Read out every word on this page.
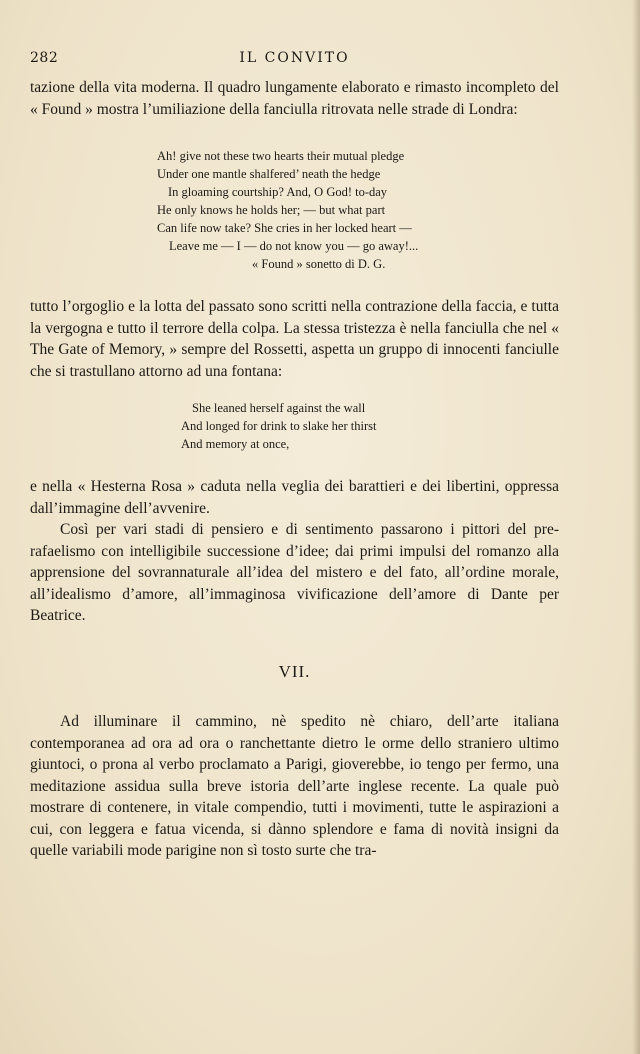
282	IL CONVITO

tazione della vita moderna. Il quadro lungamente elaborato e rimasto incompleto del « Found » mostra l’umiliazione della fanciulla ritrovata nelle strade di Londra:

Ah! give not these two hearts their mutual pledge
Under one mantle shalfered’ neath the hedge
In gloaming courtship? And, O God! to-day
He only knows he holds her; — but what part
Can life now take? She cries in her locked heart —
Leave me — I — do not know you — go away!...
« Found » sonetto di D. G.

tutto l’orgoglio e la lotta del passato sono scritti nella contrazione della faccia, e tutta la vergogna e tutto il terrore della colpa. La stessa tristezza è nella fanciulla che nel « The Gate of Memory, » sempre del Rossetti, aspetta un gruppo di innocenti fanciulle che si trastullano attorno ad una fontana:

She leaned herself against the wall
And longed for drink to slake her thirst
And memory at once,

e nella « Hesterna Rosa » caduta nella veglia dei barattieri e dei libertini, oppressa dall’immagine dell’avvenire.

Così per vari stadi di pensiero e di sentimento passarono i pittori del pre-rafaelismo con intelligibile successione d’idee; dai primi impulsi del romanzo alla apprensione del sovrannaturale all’idea del mistero e del fato, all’ordine morale, all’idealismo d’amore, all’immaginosa vivificazione dell’amore di Dante per Beatrice.

VII.

Ad illuminare il cammino, nè spedito nè chiaro, dell’arte italiana contemporanea ad ora ad ora o ranchettante dietro le orme dello straniero ultimo giuntoci, o prona al verbo proclamato a Parigi, gioverebbe, io tengo per fermo, una meditazione assidua sulla breve istoria dell’arte inglese recente. La quale può mostrare di contenere, in vitale compendio, tutti i movimenti, tutte le aspirazioni a cui, con leggera e fatua vicenda, si dànno splendore e fama di novità insigni da quelle variabili mode parigine non sì tosto surte che tra-
